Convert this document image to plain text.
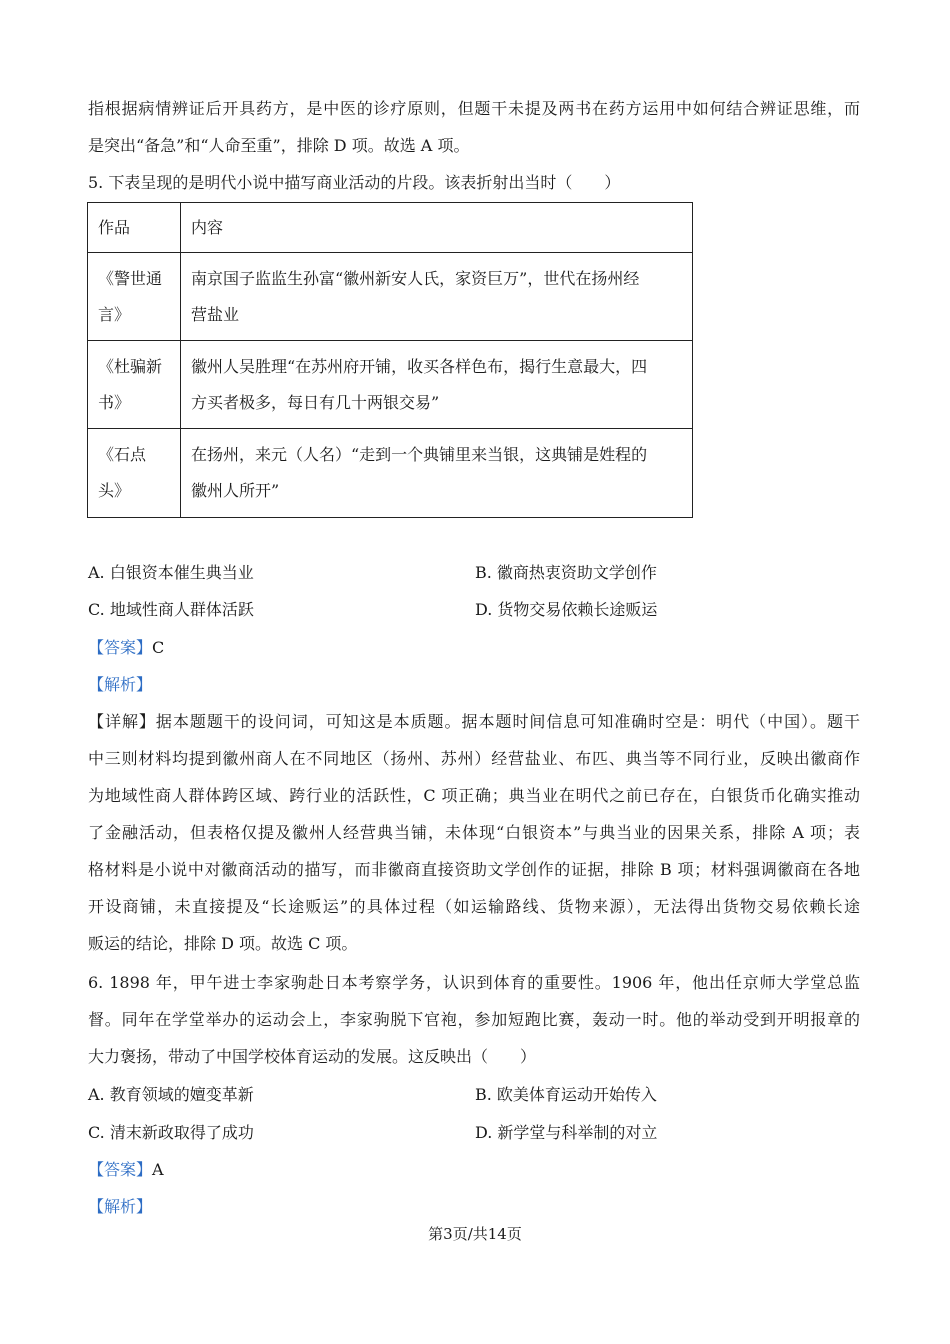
指根据病情辨证后开具药方，是中医的诊疗原则，但题干未提及两书在药方运用中如何结合辨证思维，而
是突出“备急”和“人命至重”，排除 D 项。故选 A 项。
5. 下表呈现的是明代小说中描写商业活动的片段。该表折射出当时（　　）
作品	内容
《警世通
言》	南京国子监监生孙富“徽州新安人氏，家资巨万”，世代在扬州经
营盐业
《杜骗新
书》	徽州人吴胜理“在苏州府开铺，收买各样色布，揭行生意最大，四
方买者极多，每日有几十两银交易”
《石点
头》	在扬州，来元（人名）“走到一个典铺里来当银，这典铺是姓程的
徽州人所开”
A. 白银资本催生典当业	B. 徽商热衷资助文学创作
C. 地域性商人群体活跃	D. 货物交易依赖长途贩运
【答案】C
【解析】
【详解】据本题题干的设问词，可知这是本质题。据本题时间信息可知准确时空是：明代（中国）。题干
中三则材料均提到徽州商人在不同地区（扬州、苏州）经营盐业、布匹、典当等不同行业，反映出徽商作
为地域性商人群体跨区域、跨行业的活跃性，C 项正确；典当业在明代之前已存在，白银货币化确实推动
了金融活动，但表格仅提及徽州人经营典当铺，未体现“白银资本”与典当业的因果关系，排除 A 项；表
格材料是小说中对徽商活动的描写，而非徽商直接资助文学创作的证据，排除 B 项；材料强调徽商在各地
开设商铺，未直接提及“长途贩运”的具体过程（如运输路线、货物来源），无法得出货物交易依赖长途
贩运的结论，排除 D 项。故选 C 项。
6. 1898 年，甲午进士李家驹赴日本考察学务，认识到体育的重要性。1906 年，他出任京师大学堂总监
督。同年在学堂举办的运动会上，李家驹脱下官袍，参加短跑比赛，轰动一时。他的举动受到开明报章的
大力褒扬，带动了中国学校体育运动的发展。这反映出（　　）
A. 教育领域的嬗变革新	B. 欧美体育运动开始传入
C. 清末新政取得了成功	D. 新学堂与科举制的对立
【答案】A
【解析】
第3页/共14页
